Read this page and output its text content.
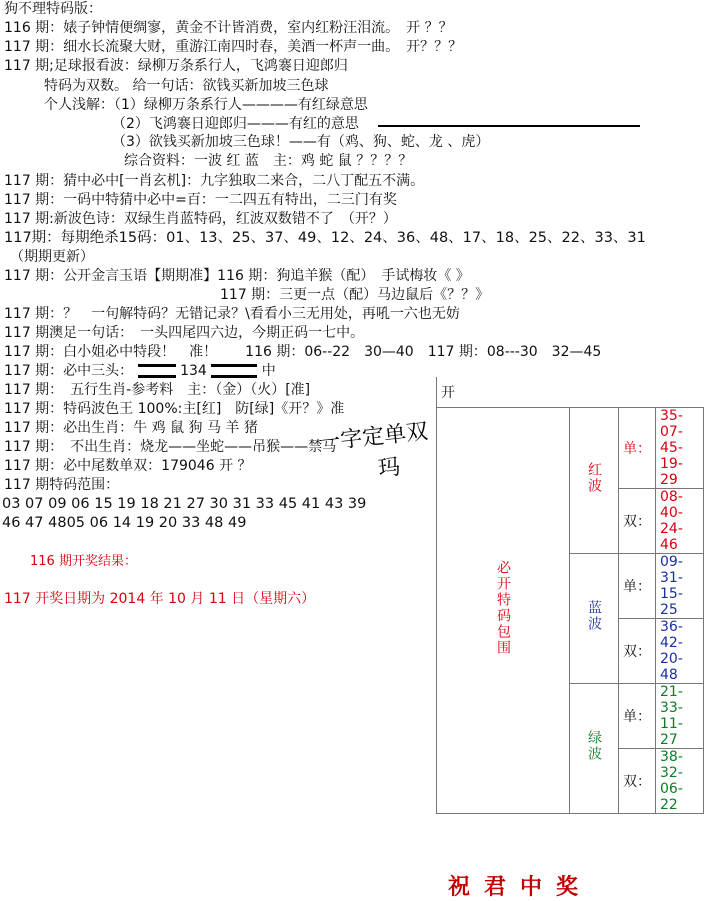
狗不理特码版：
116 期：婊子钟情便绸寥，黄金不计皆消费，室内红粉汪泪流。　开 ？？
117 期：细水长流聚大财，重游江南四时春，美酒一杯声一曲。　开？？？
117 期;足球报看波：绿柳万条系行人，飞鸿褰日迎郎归
特码为双数。 给一句话：欲钱买新加坡三色球
个人浅解：（1）绿柳万条系行人————有红绿意思
（2）飞鸿褰日迎郎归———有红的意思
（3）欲钱买新加坡三色球！——有（鸡、狗、蛇、龙 、虎）
综合资料：一波 红 蓝　主：鸡 蛇 鼠 ？？？？
117 期：猜中必中[一肖玄机]：九字独取二来合，二八丁配五不满。
117 期：一码中特猜中必中=百：一二四五有特出，二三门有奖
117 期:新波色诗：双绿生肖蓝特码，红波双数错不了　（开？）
117期：每期绝杀15码：01、13、25、37、49、12、24、36、48、17、18、25、22、33、31
（期期更新）
117 期：公开金言玉语【期期准】116 期：狗追羊猴（配）　手试梅妆《 》
117 期：三更一点（配）马边鼠后《？？》
117 期：？　一句解特码？无错记录？\看看小三无用处，再吼一六也无妨
117 期澳足一句话：　一头四尾四六边，今期正码一七中。
117 期：白小姐必中特段！　准！　　116 期：06--22　30—40　117 期：08---30　32—45
117 期：必中三头：	134	中
117 期：　五行生肖-参考料　主：（金）（火）[准]
117 期：特码波色王 100%:主[红]　防[绿]《开？》准
117 期：必出生肖：牛 鸡 鼠 狗 马 羊 猪
117 期：　不出生肖：烧龙——坐蛇——吊猴——禁马
117 期：必中尾数单双：179046 开 ？
117 期特码范围：
03 07 09 06 15 19 18 21 27 30 31 33 45 41 43 39
46 47 4805 06 14 19 20 33 48 49
一字定单双
玛
116 期开奖结果：
117 开奖日期为 2014 年 10 月 11 日（星期六）
开			
必开特码包围	红波	单：	35-07-45-19-29
		双：	08-40-24-46
	蓝波	单：	09-31-15-25
		双：	36-42-20-48
	绿波	单：	21-33-11-27
		双：	38-32-06-22
祝君中奖
